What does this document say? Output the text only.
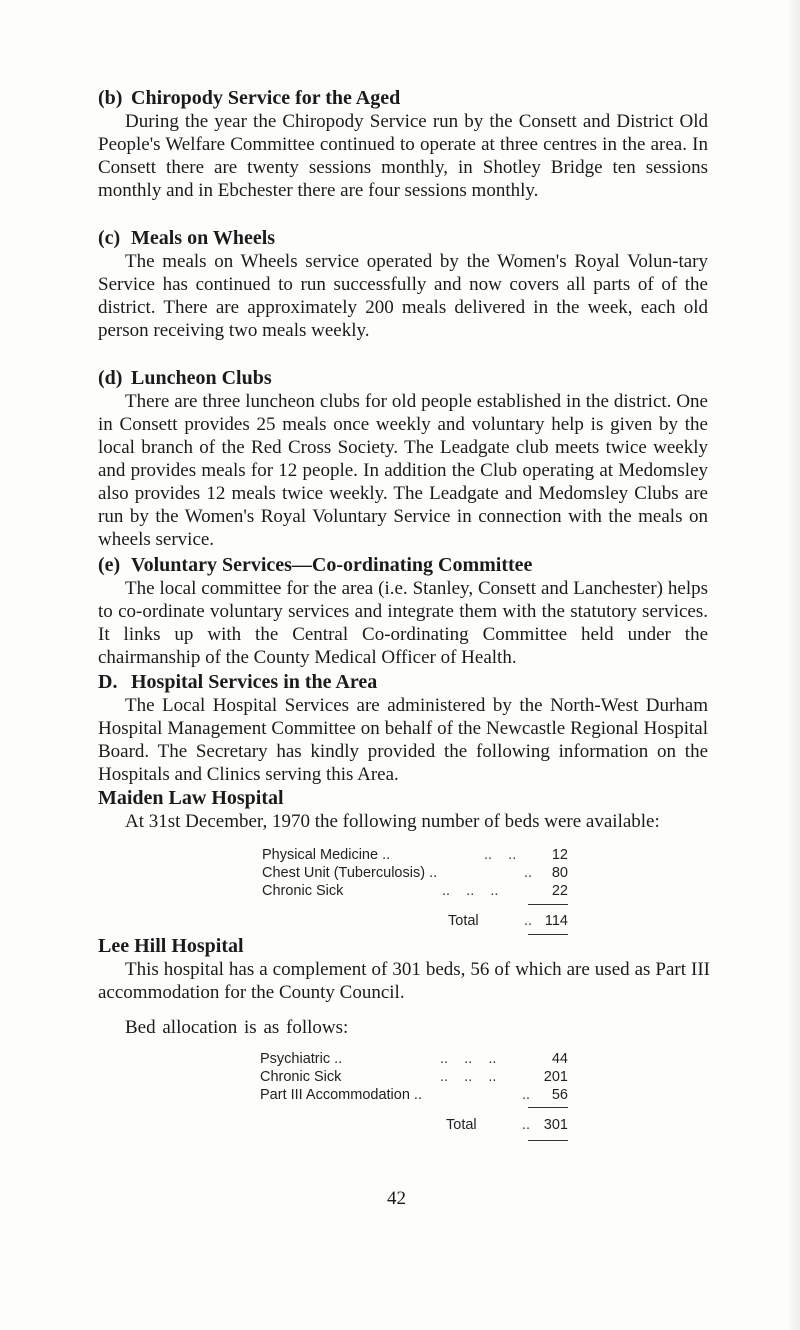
(b) Chiropody Service for the Aged

During the year the Chiropody Service run by the Consett and District Old People's Welfare Committee continued to operate at three centres in the area. In Consett there are twenty sessions monthly, in Shotley Bridge ten sessions monthly and in Ebchester there are four sessions monthly.

(c) Meals on Wheels

The meals on Wheels service operated by the Women's Royal Volun-tary Service has continued to run successfully and now covers all parts of of the district. There are approximately 200 meals delivered in the week, each old person receiving two meals weekly.

(d) Luncheon Clubs

There are three luncheon clubs for old people established in the district. One in Consett provides 25 meals once weekly and voluntary help is given by the local branch of the Red Cross Society. The Leadgate club meets twice weekly and provides meals for 12 people. In addition the Club operating at Medomsley also provides 12 meals twice weekly. The Leadgate and Medomsley Clubs are run by the Women's Royal Voluntary Service in connection with the meals on wheels service.

(e) Voluntary Services—Co-ordinating Committee

The local committee for the area (i.e. Stanley, Consett and Lanchester) helps to co-ordinate voluntary services and integrate them with the statutory services. It links up with the Central Co-ordinating Committee held under the chairmanship of the County Medical Officer of Health.

D. Hospital Services in the Area

The Local Hospital Services are administered by the North-West Durham Hospital Management Committee on behalf of the Newcastle Regional Hospital Board. The Secretary has kindly provided the following information on the Hospitals and Clinics serving this Area.

Maiden Law Hospital

At 31st December, 1970 the following number of beds were available:

Physical Medicine ..	..    .. 12
Chest Unit (Tuberculosis) ..	.. 80
Chronic Sick	..    ..    ..	22
Total	.. 114

Lee Hill Hospital

This hospital has a complement of 301 beds, 56 of which are used as Part III accommodation for the County Council.

Bed allocation is as follows:

Psychiatric ..	..    ..    ..	44
Chronic Sick	..    ..    ..	201
Part III Accommodation ..	.. 56
Total	.. 301
42
